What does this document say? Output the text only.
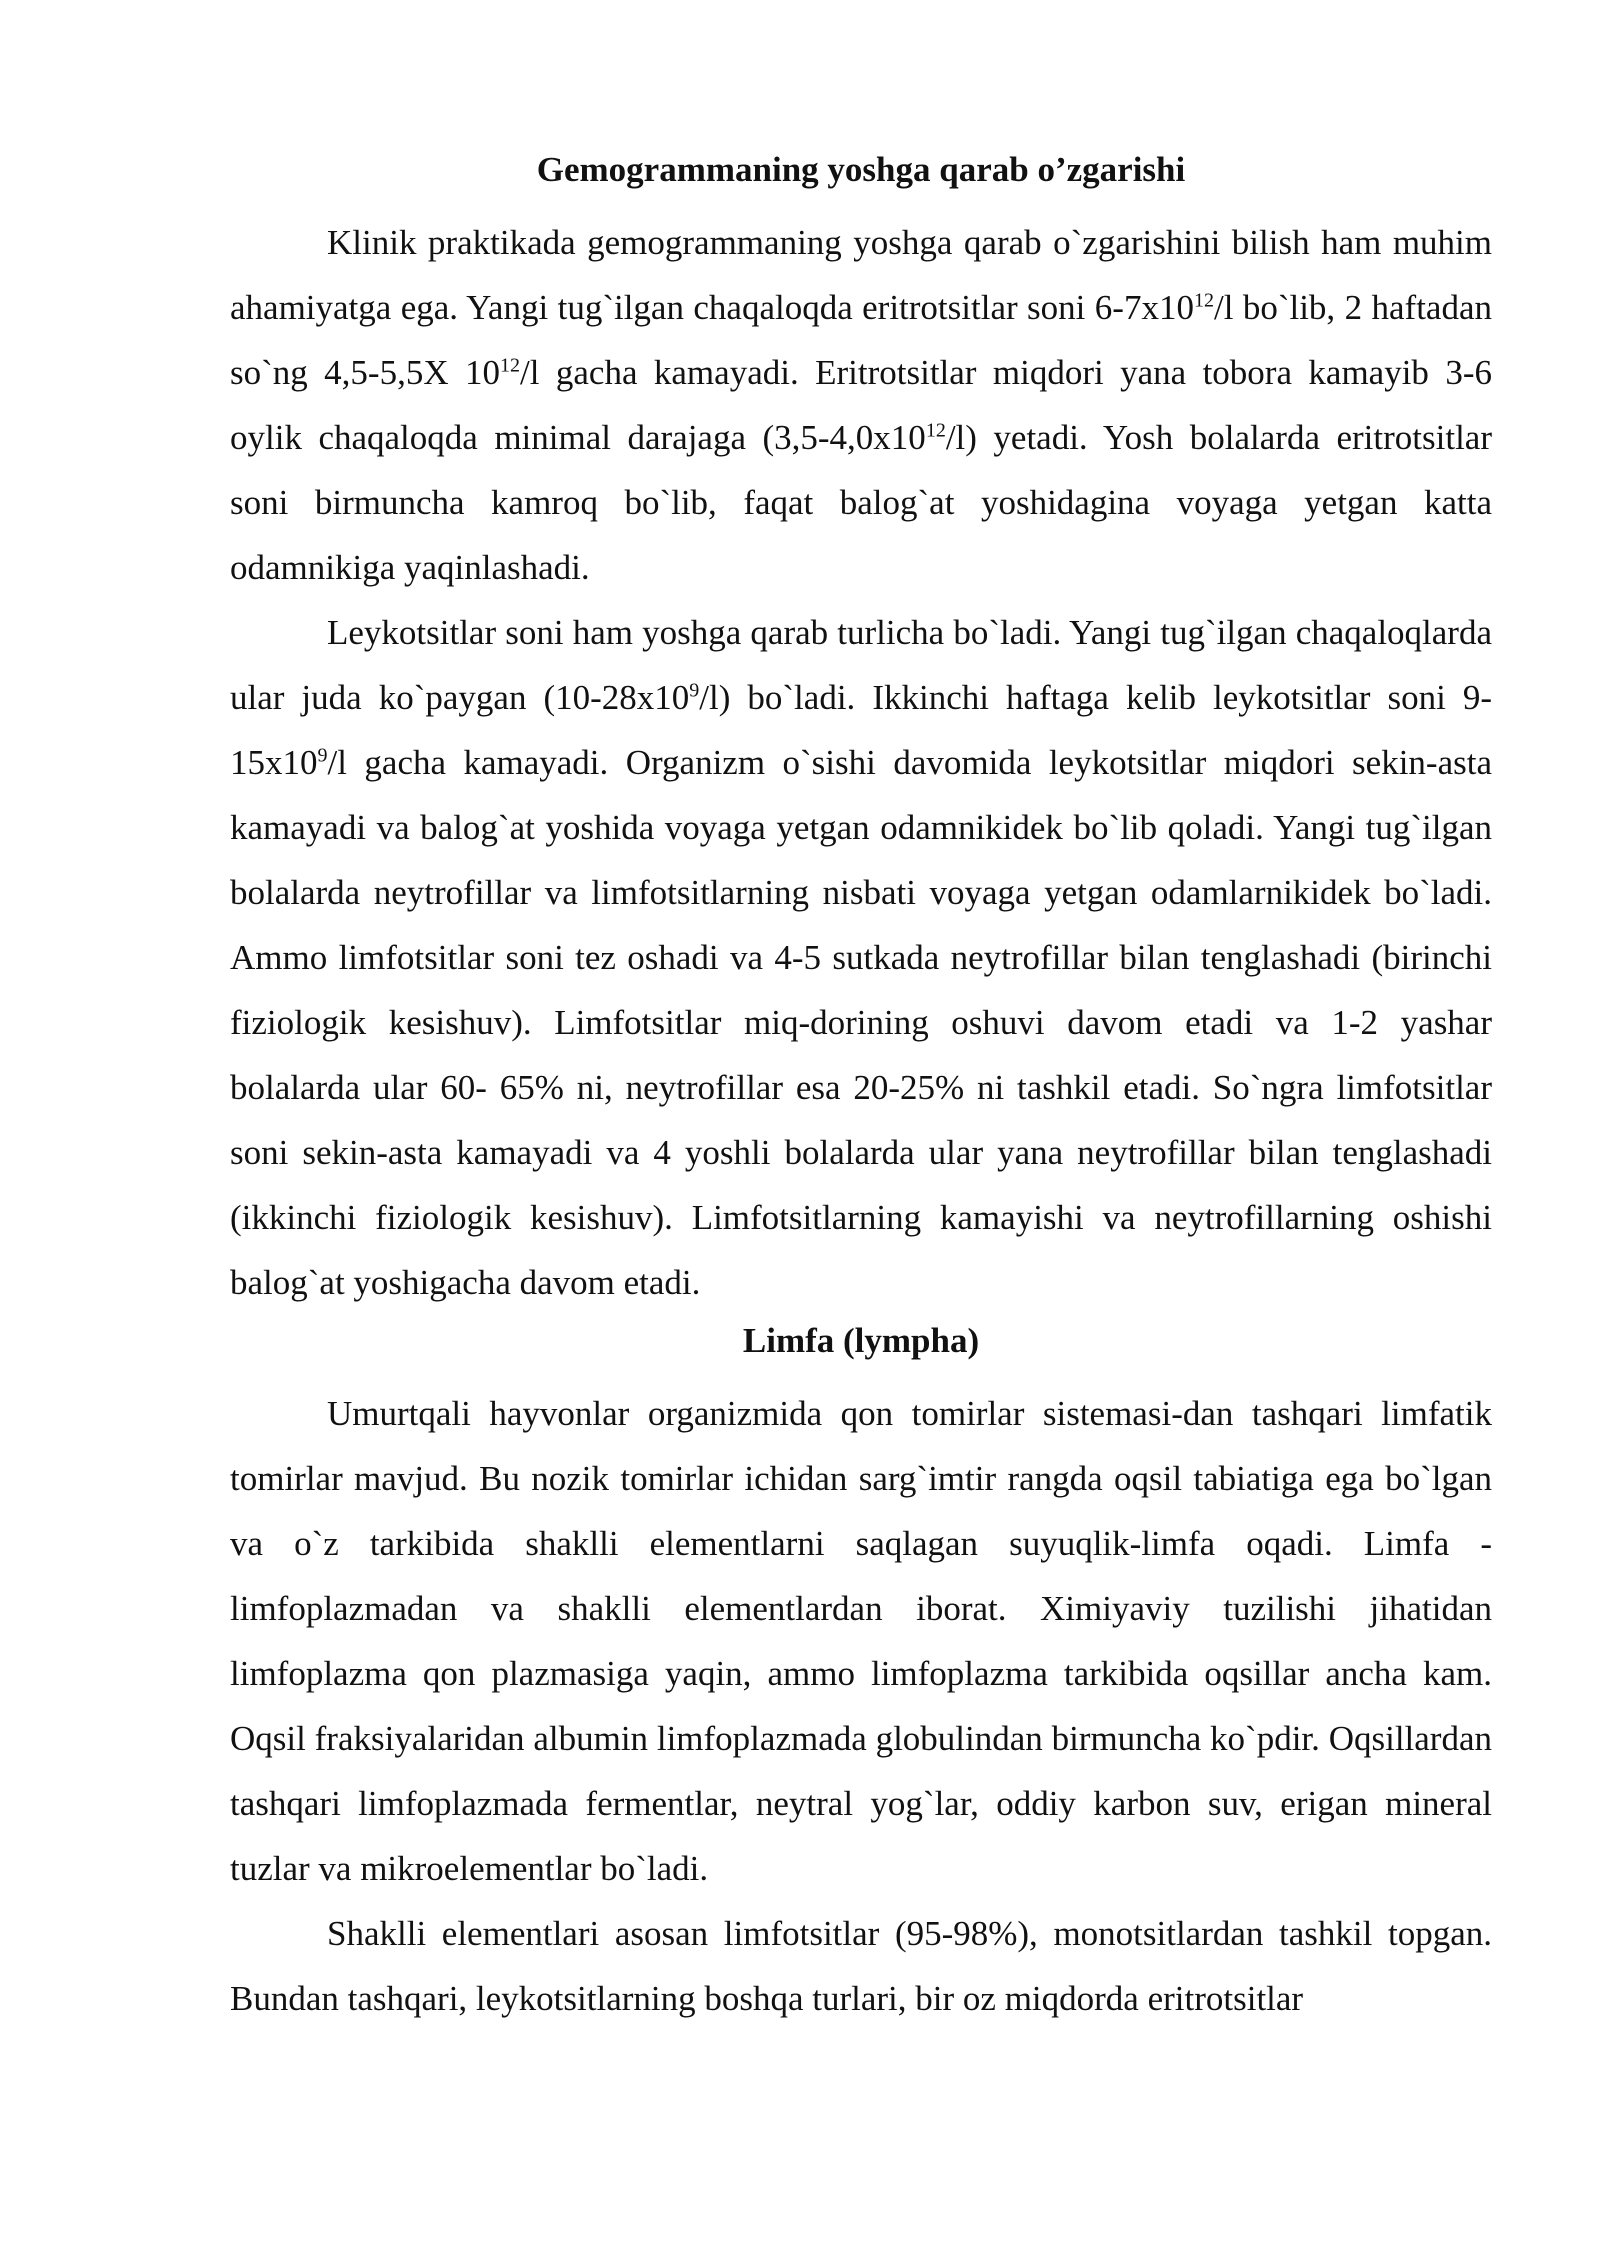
Gemogrammaning yoshga qarab o’zgarishi

Klinik praktikada gemogrammaning yoshga qarab o`zgarishini bilish ham muhim ahamiyatga ega. Yangi tug`ilgan chaqaloqda eritrotsitlar soni $6-7x10^{12}/l$ bo`lib, 2 haftadan so`ng 4,5-5,5X $10^{12}/l$ gacha kamayadi. Eritrotsitlar miqdori yana tobora kamayib 3-6 oylik chaqaloqda minimal darajaga $(3,5-4,0x10^{12}/l)$ yetadi. Yosh bolalarda eritrotsitlar soni birmuncha kamroq bo`lib, faqat balog`at yoshidagina voyaga yetgan katta odamnikiga yaqinlashadi.

Leykotsitlar soni ham yoshga qarab turlicha bo`ladi. Yangi tug`ilgan chaqaloqlarda ular juda ko`paygan $(10-28x10^9/l)$ bo`ladi. Ikkinchi haftaga kelib leykotsitlar soni $9-15x10^9/l$ gacha kamayadi. Organizm o`sishi davomida leykotsitlar miqdori sekin-asta kamayadi va balog`at yoshida voyaga yetgan odamnikidek bo`lib qoladi. Yangi tug`ilgan bolalarda neytrofillar va limfotsitlarning nisbati voyaga yetgan odamlarnikidek bo`ladi. Ammo limfotsitlar soni tez oshadi va 4-5 sutkada neytrofillar bilan tenglashadi (birinchi fiziologik kesishuv). Limfotsitlar miq-dorining oshuvi davom etadi va 1-2 yashar bolalarda ular 60- 65% ni, neytrofillar esa 20-25% ni tashkil etadi. So`ngra limfotsitlar soni sekin-asta kamayadi va 4 yoshli bolalarda ular yana neytrofillar bilan tenglashadi (ikkinchi fiziologik kesishuv). Limfotsitlarning kamayishi va neytrofillarning oshishi balog`at yoshigacha davom etadi.

Limfa (lympha)

Umurtqali hayvonlar organizmida qon tomirlar sistemasi-dan tashqari limfatik tomirlar mavjud. Bu nozik tomirlar ichidan sarg`imtir rangda oqsil tabiatiga ega bo`lgan va o`z tarkibida shaklli elementlarni saqlagan suyuqlik-limfa oqadi. Limfa - limfoplazmadan va shaklli elementlardan iborat. Ximiyaviy tuzilishi jihatidan limfoplazma qon plazmasiga yaqin, ammo limfoplazma tarkibida oqsillar ancha kam. Oqsil fraksiyalaridan albumin limfoplazmada globulindan birmuncha ko`pdir. Oqsillardan tashqari limfoplazmada fermentlar, neytral yog`lar, oddiy karbon suv, erigan mineral tuzlar va mikroelementlar bo`ladi.

Shaklli elementlari asosan limfotsitlar (95-98%), monotsitlardan tashkil topgan. Bundan tashqari, leykotsitlarning boshqa turlari, bir oz miqdorda eritrotsitlar
